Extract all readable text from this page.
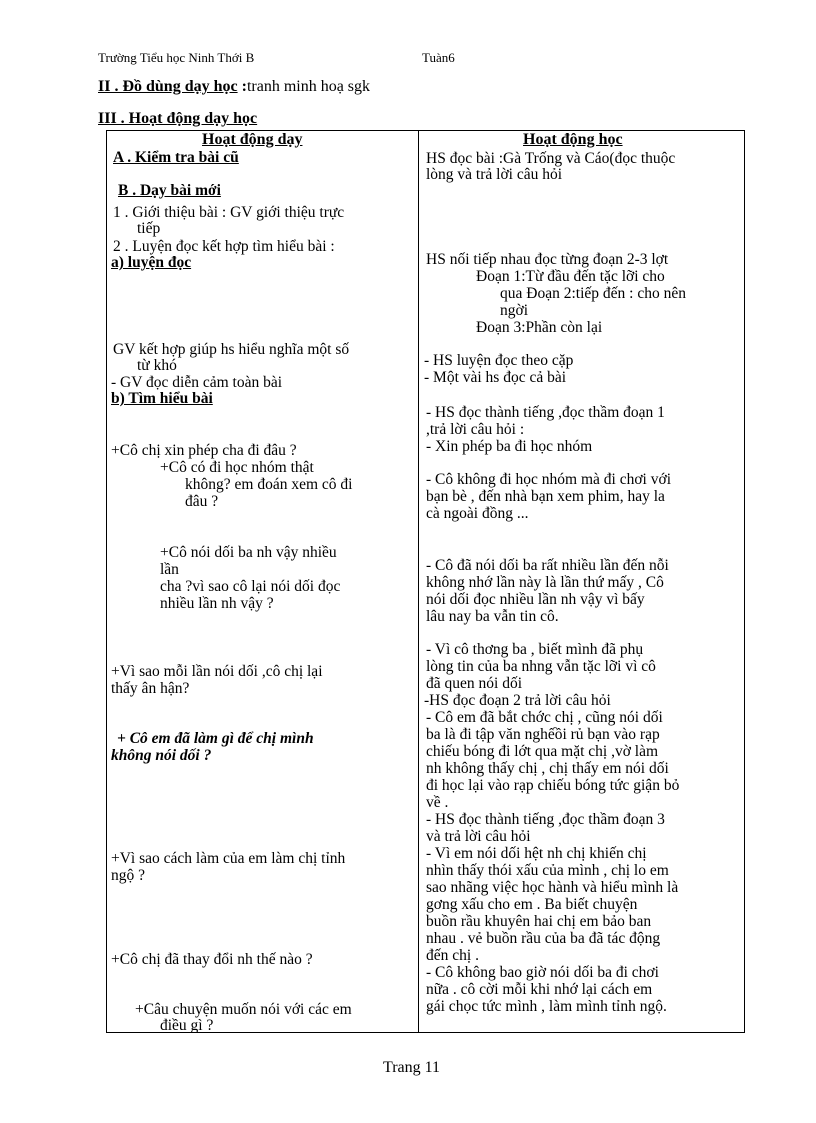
Trường Tiểu học Ninh Thới B	Tuàn6
II . Đồ dùng dạy học :tranh minh hoạ sgk
III . Hoạt động dạy học
Hoạt động dạy	Hoạt động học
A . Kiểm tra bài cũ
B . Dạy bài mới
1 . Giới thiệu bài : GV giới thiệu trực
tiếp
2 . Luyện đọc kết hợp tìm hiểu bài :
a) luyện đọc
GV kết hợp giúp hs hiểu nghĩa một số
từ khó
- GV đọc diễn cảm toàn bài
b) Tìm hiểu bài
+Cô chị xin phép cha đi đâu ?
+Cô có đi học nhóm thật
không? em đoán xem cô đi
đâu ?
+Cô nói dối ba nh vậy nhiều
lần
cha ?vì sao cô lại nói dối đọc
nhiều lần nh vậy ?
+Vì sao mỗi lần nói dối ,cô chị lại
thấy ân hận?
+ Cô em đã làm gì để chị mình
không nói dối ?
+Vì sao cách làm của em làm chị tỉnh
ngộ ?
+Cô chị đã thay đổi nh thế nào ?
+Câu chuyện muốn nói với các em
điều gì ?
HS đọc bài :Gà Trống và Cáo(đọc thuộc
lòng và trả lời câu hỏi
HS nối tiếp nhau đọc từng đoạn 2-3 lợt
Đoạn 1:Từ đầu đến tặc lỡi cho
qua Đoạn 2:tiếp đến : cho nên
ngời
Đoạn 3:Phần còn lại
- HS luyện đọc theo cặp
- Một vài hs đọc cả bài
- HS đọc thành tiếng ,đọc thầm đoạn 1
,trả lời câu hỏi :
- Xin phép ba đi học nhóm
- Cô không đi học nhóm mà đi chơi với
bạn bè , đến nhà bạn xem phim, hay la
cà ngoài đồng ...
- Cô đã nói dối ba rất nhiều lần đến nỗi
không nhớ lần này là lần thứ mấy , Cô
nói dối đọc nhiều lần nh vậy vì bấy
lâu nay ba vẫn tin cô.
- Vì cô thơng ba , biết mình đã phụ
lòng tin của ba nhng vẫn tặc lỡi vì cô
đã quen nói dối
-HS đọc đoạn 2 trả lời câu hỏi
- Cô em đã bắt chớc chị , cũng nói dối
ba là đi tập văn nghếồi rủ bạn vào rạp
chiếu bóng đi lớt qua mặt chị ,vờ làm
nh không thấy chị , chị thấy em nói dối
đi học lại vào rạp chiếu bóng tức giận bỏ
về .
- HS đọc thành tiếng ,đọc thầm đoạn 3
và trả lời câu hỏi
- Vì em nói dối hệt nh chị khiến chị
nhìn thấy thói xấu của mình , chị lo em
sao nhãng việc học hành và hiểu mình là
gơng xấu cho em . Ba biết chuyện
buồn rầu khuyên hai chị em bảo ban
nhau . vẻ buồn rầu của ba đã tác động
đến chị .
- Cô không bao giờ nói dối ba đi chơi
nữa . cô cời mỗi khi nhớ lại cách em
gái chọc tức mình , làm mình tỉnh ngộ.
Trang 11
